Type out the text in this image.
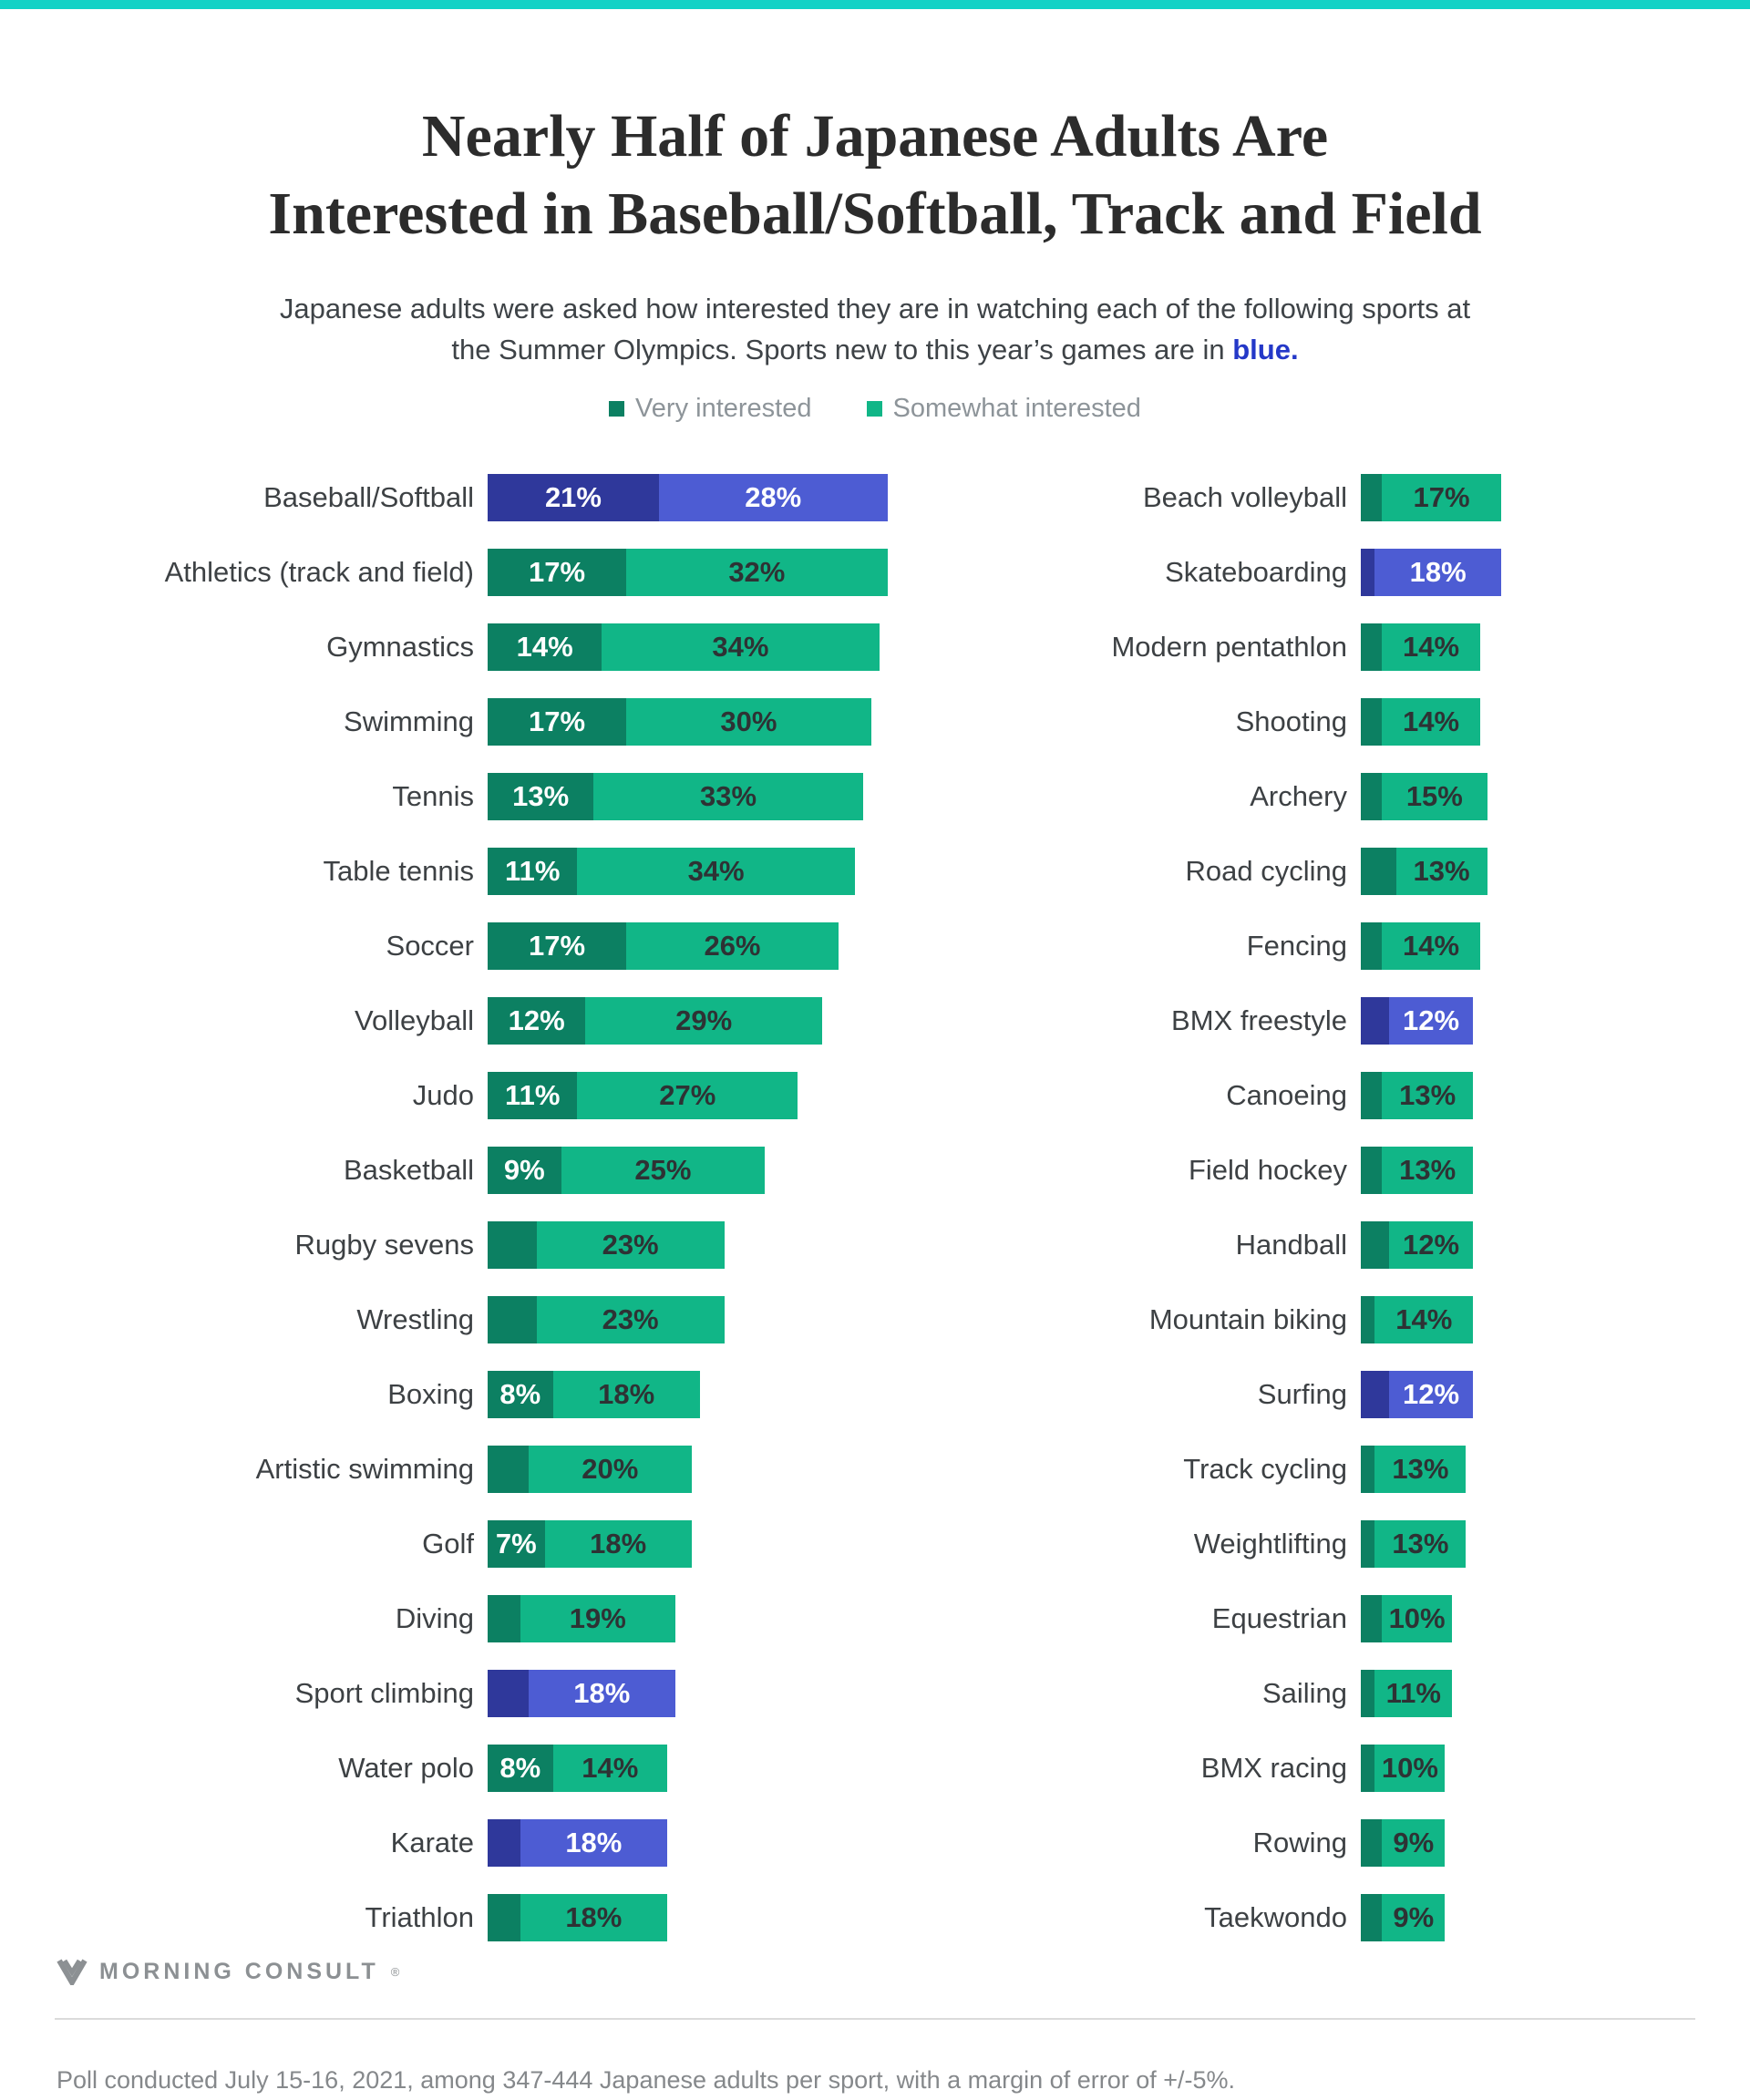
Nearly Half of Japanese Adults Are
Interested in Baseball/Softball, Track and Field

Japanese adults were asked how interested they are in watching each of the following sports at the Summer Olympics. Sports new to this year’s games are in blue.

Very interested	Somewhat interested
Baseball/Softball	21%	28%
Athletics (track and field) 17%	32%
Gymnastics 14%	34%
Swimming 17%	30%
Tennis 13%	33%
Table tennis 11%	34%
Soccer 17%	26%
Volleyball 12%	29%
Judo 11%	27%
Basketball 9%	25%
Rugby sevens	23%
Wrestling	23%
Boxing 8% 18%
Artistic swimming	20%
Golf 7% 18%
Diving	19%
Sport climbing	18%
Water polo 8% 14%
Karate	18%
Triathlon	18%
Beach volleyball 17%
Skateboarding 18%
Modern pentathlon 14%
Shooting 14%
Archery 15%
Road cycling 13%
Fencing 14%
BMX freestyle 12%
Canoeing 13%
Field hockey 13%
Handball 12%
Mountain biking 14%
Surfing 12%
Track cycling 13%
Weightlifting 13%
Equestrian 10%
Sailing 11%
BMX racing 10%
Rowing 9%
Taekwondo 9%
MORNING CONSULT ®

Poll conducted July 15-16, 2021, among 347-444 Japanese adults per sport, with a margin of error of +/-5%.
